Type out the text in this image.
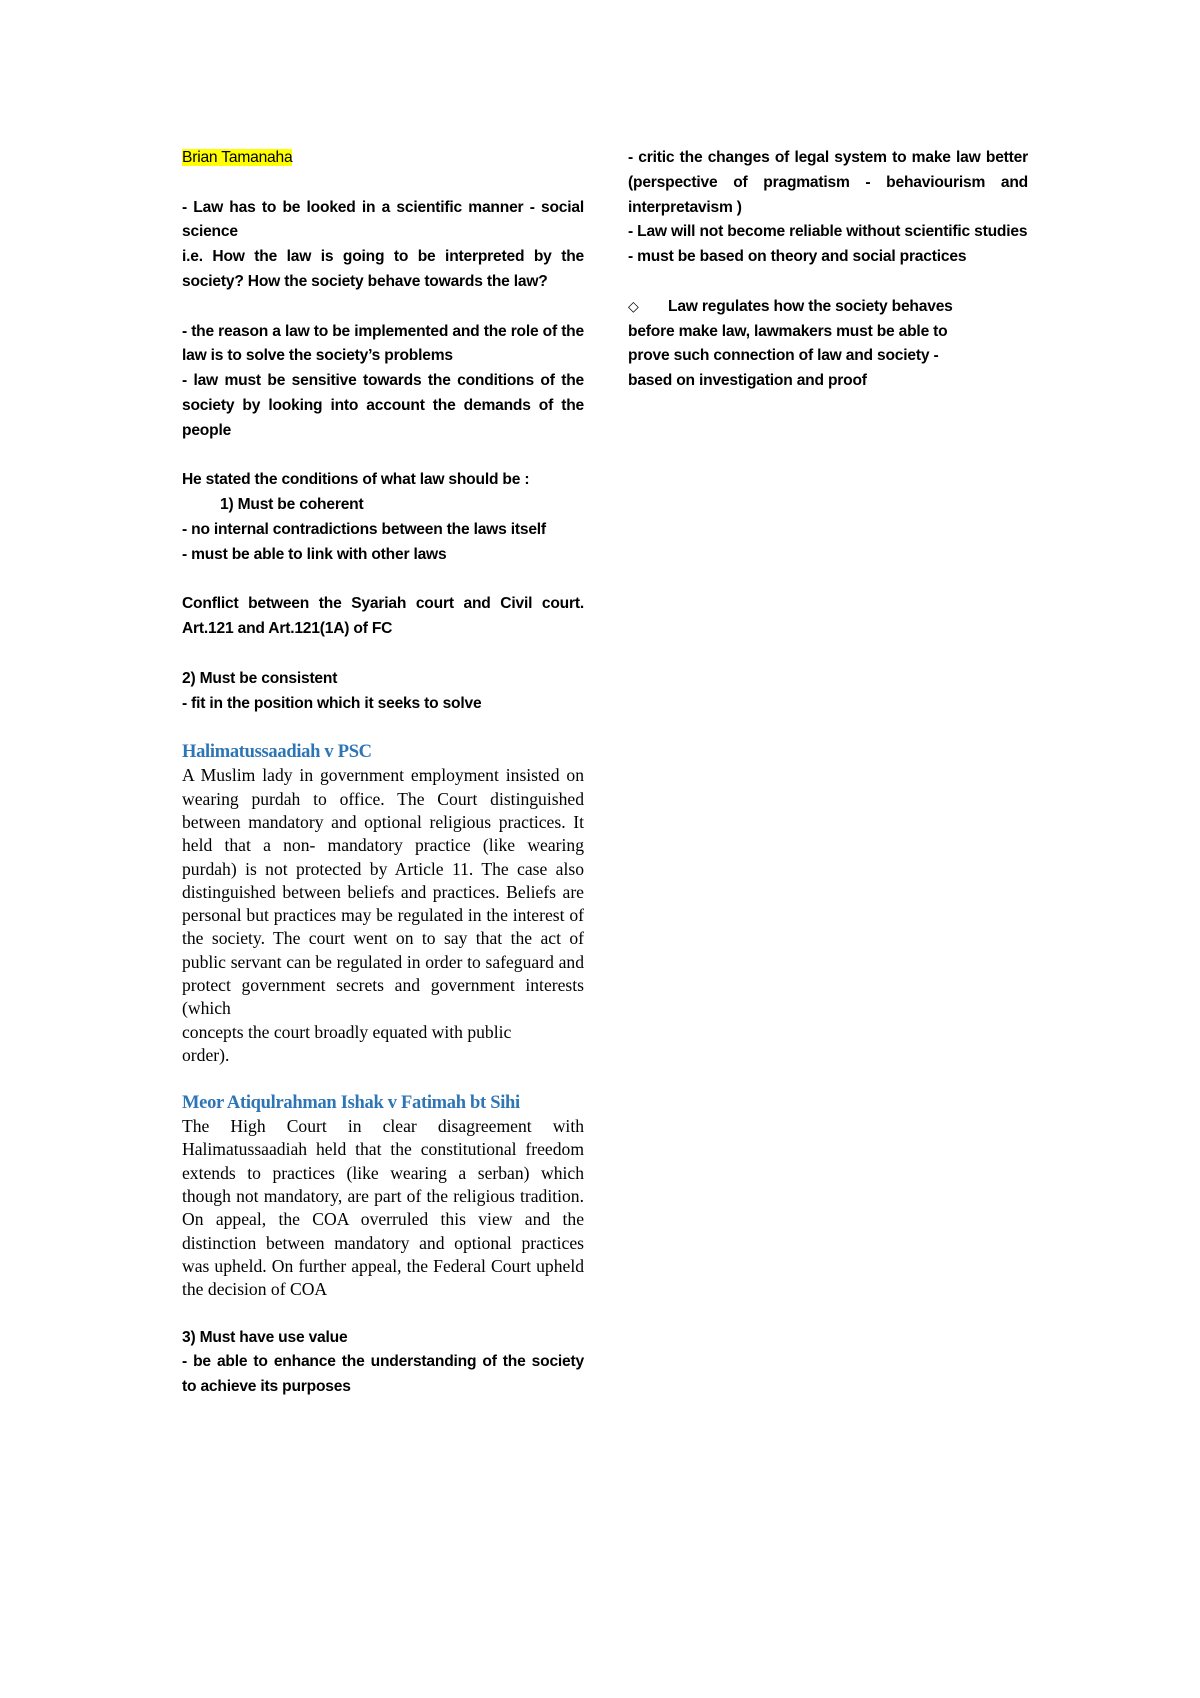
Brian Tamanaha

- Law has to be looked in a scientific manner - social science

i.e. How the law is going to be interpreted by the society? How the society behave towards the law?

- the reason a law to be implemented and the role of the law is to solve the society’s problems

- law must be sensitive towards the conditions of the society by looking into account the demands of the people

He stated the conditions of what law should be :

1) Must be coherent

- no internal contradictions between the laws itself

- must be able to link with other laws

Conflict between the Syariah court and Civil court. Art.121 and Art.121(1A) of FC

2) Must be consistent

- fit in the position which it seeks to solve

Halimatussaadiah v PSC

A Muslim lady in government employment insisted on wearing purdah to office. The Court distinguished between mandatory and optional religious practices. It held that a non- mandatory practice (like wearing purdah) is not protected by Article 11. The case also distinguished between beliefs and practices. Beliefs are personal but practices may be regulated in the interest of the society. The court went on to say that the act of public servant can be regulated in order to safeguard and protect government secrets and government interests (which

concepts the court broadly equated with public

order).

Meor Atiqulrahman Ishak v Fatimah bt Sihi

The High Court in clear disagreement with Halimatussaadiah held that the constitutional freedom extends to practices (like wearing a serban) which though not mandatory, are part of the religious tradition. On appeal, the COA overruled this view and the distinction between mandatory and optional practices was upheld. On further appeal, the Federal Court upheld the decision of COA

3) Must have use value

- be able to enhance the understanding of the society to achieve its purposes

- critic the changes of legal system to make law better (perspective of pragmatism - behaviourism and interpretavism )

- Law will not become reliable without scientific studies

- must be based on theory and social practices

◇	Law regulates how the society behaves

before make law, lawmakers must be able to

prove such connection of law and society -

based on investigation and proof
